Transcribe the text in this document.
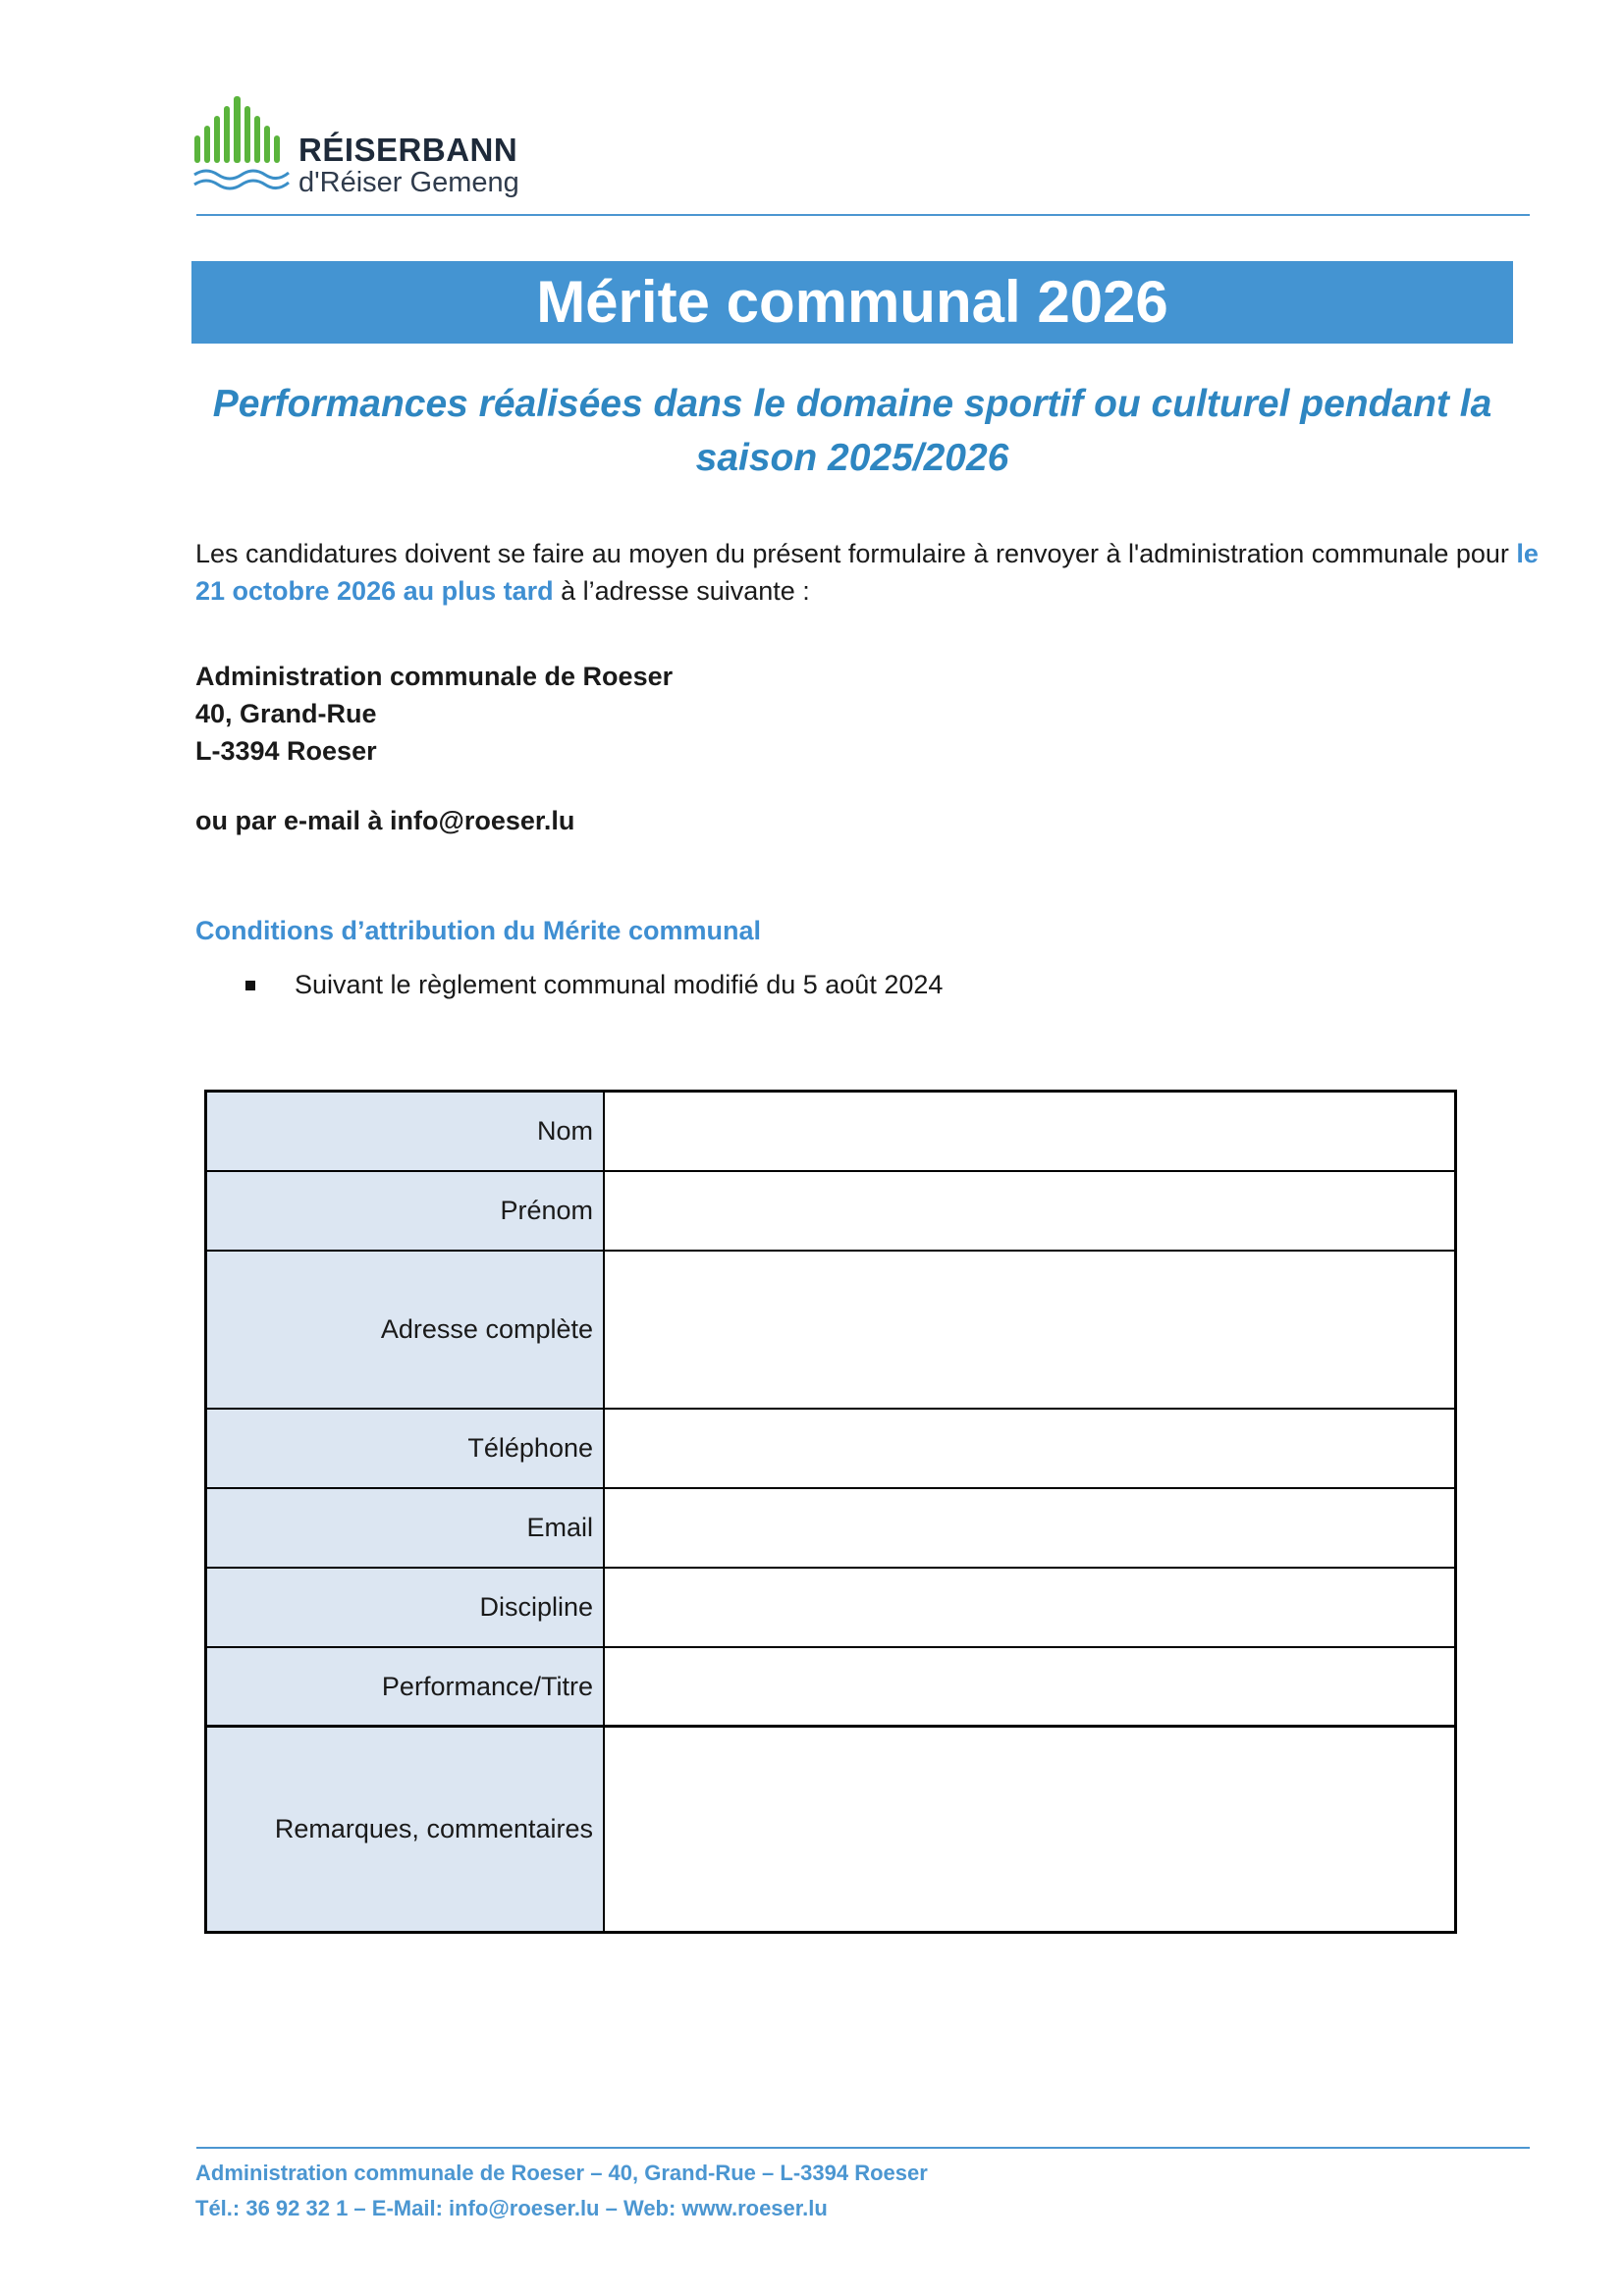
RÉISERBANN
d'Réiser Gemeng
Mérite communal 2026
Performances réalisées dans le domaine sportif ou culturel pendant la
saison 2025/2026
Les candidatures doivent se faire au moyen du présent formulaire à renvoyer à l'administration communale pour le 21 octobre 2026 au plus tard à l’adresse suivante :
Administration communale de Roeser
40, Grand-Rue
L-3394 Roeser
ou par e-mail à info@roeser.lu
Conditions d’attribution du Mérite communal
Suivant le règlement communal modifié du 5 août 2024
Nom
Prénom
Adresse complète
Téléphone
Email
Discipline
Performance/Titre
Remarques, commentaires
Administration communale de Roeser – 40, Grand-Rue – L-3394 Roeser
Tél.: 36 92 32 1 – E-Mail: info@roeser.lu – Web: www.roeser.lu
